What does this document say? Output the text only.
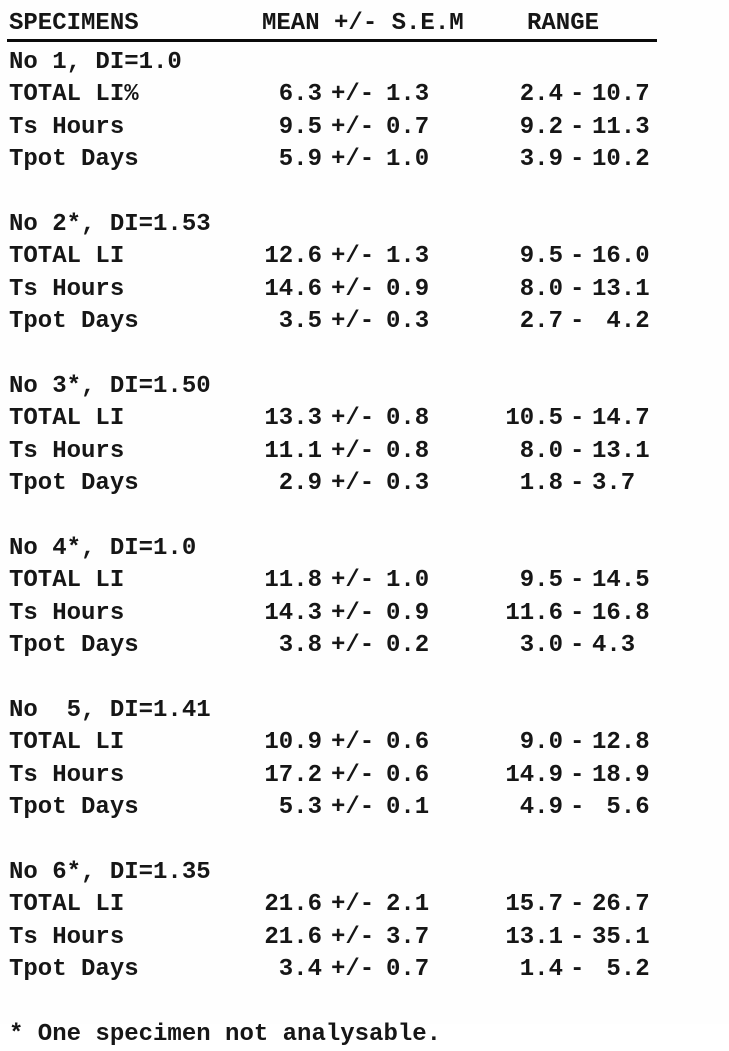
SPECIMENS	MEAN +/- S.E.M	RANGE
No 1, DI=1.0
TOTAL LI%	6.3 +/- 1.3	2.4 - 10.7
Ts Hours	9.5 +/- 0.7	9.2 - 11.3
Tpot Days	5.9 +/- 1.0	3.9 - 10.2
No 2*, DI=1.53
TOTAL LI	12.6 +/- 1.3	9.5 - 16.0
Ts Hours	14.6 +/- 0.9	8.0 - 13.1
Tpot Days	3.5 +/- 0.3	2.7 - 4.2
No 3*, DI=1.50
TOTAL LI	13.3 +/- 0.8	10.5 - 14.7
Ts Hours	11.1 +/- 0.8	8.0 - 13.1
Tpot Days	2.9 +/- 0.3	1.8 - 3.7
No 4*, DI=1.0
TOTAL LI	11.8 +/- 1.0	9.5 - 14.5
Ts Hours	14.3 +/- 0.9	11.6 - 16.8
Tpot Days	3.8 +/- 0.2	3.0 - 4.3
No  5, DI=1.41
TOTAL LI	10.9 +/- 0.6	9.0 - 12.8
Ts Hours	17.2 +/- 0.6	14.9 - 18.9
Tpot Days	5.3 +/- 0.1	4.9 - 5.6
No 6*, DI=1.35
TOTAL LI	21.6 +/- 2.1	15.7 - 26.7
Ts Hours	21.6 +/- 3.7	13.1 - 35.1
Tpot Days	3.4 +/- 0.7	1.4 - 5.2
* One specimen not analysable.
